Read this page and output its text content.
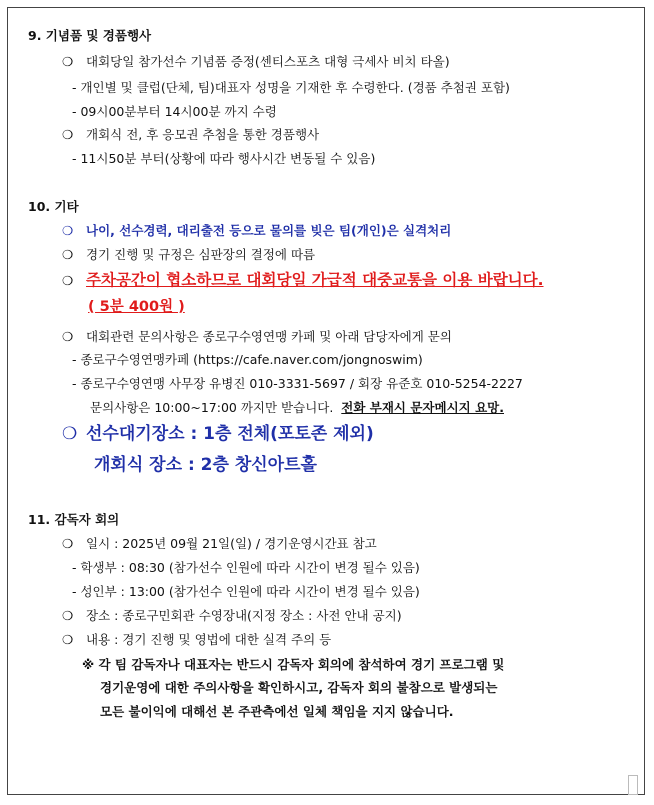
9. 기념품 및 경품행사
❍ 대회당일 참가선수 기념품 증정(센티스포츠 대형 극세사 비치 타올)
- 개인별 및 클럽(단체, 팀)대표자 성명을 기재한 후 수령한다. (경품 추첨권 포함)
- 09시00분부터 14시00분 까지 수령
❍ 개회식 전, 후 응모권 추첨을 통한 경품행사
- 11시50분 부터(상황에 따라 행사시간 변동될 수 있음)
10. 기타
❍ 나이, 선수경력, 대리출전 등으로 물의를 빚은 팀(개인)은 실격처리
❍ 경기 진행 및 규정은 심판장의 결정에 따름
❍ 주차공간이 협소하므로 대회당일 가급적 대중교통을 이용 바랍니다.
( 5분 400원 )
❍ 대회관련 문의사항은 종로구수영연맹 카페 및 아래 담당자에게 문의
- 종로구수영연맹카페 (https://cafe.naver.com/jongnoswim)
- 종로구수영연맹 사무장 유병진 010-3331-5697 / 회장 유준호 010-5254-2227
문의사항은 10:00~17:00 까지만 받습니다. 전화 부재시 문자메시지 요망.
❍ 선수대기장소 : 1층 전체(포토존 제외)
개회식 장소 : 2층 창신아트홀
11. 감독자 회의
❍ 일시 : 2025년 09월 21일(일) / 경기운영시간표 참고
- 학생부 : 08:30 (참가선수 인원에 따라 시간이 변경 될수 있음)
- 성인부 : 13:00 (참가선수 인원에 따라 시간이 변경 될수 있음)
❍ 장소 : 종로구민회관 수영장내(지정 장소 : 사전 안내 공지)
❍ 내용 : 경기 진행 및 영법에 대한 실격 주의 등
※ 각 팀 감독자나 대표자는 반드시 감독자 회의에 참석하여 경기 프로그램 및
경기운영에 대한 주의사항을 확인하시고, 감독자 회의 불참으로 발생되는
모든 불이익에 대해선 본 주관측에선 일체 책임을 지지 않습니다.
